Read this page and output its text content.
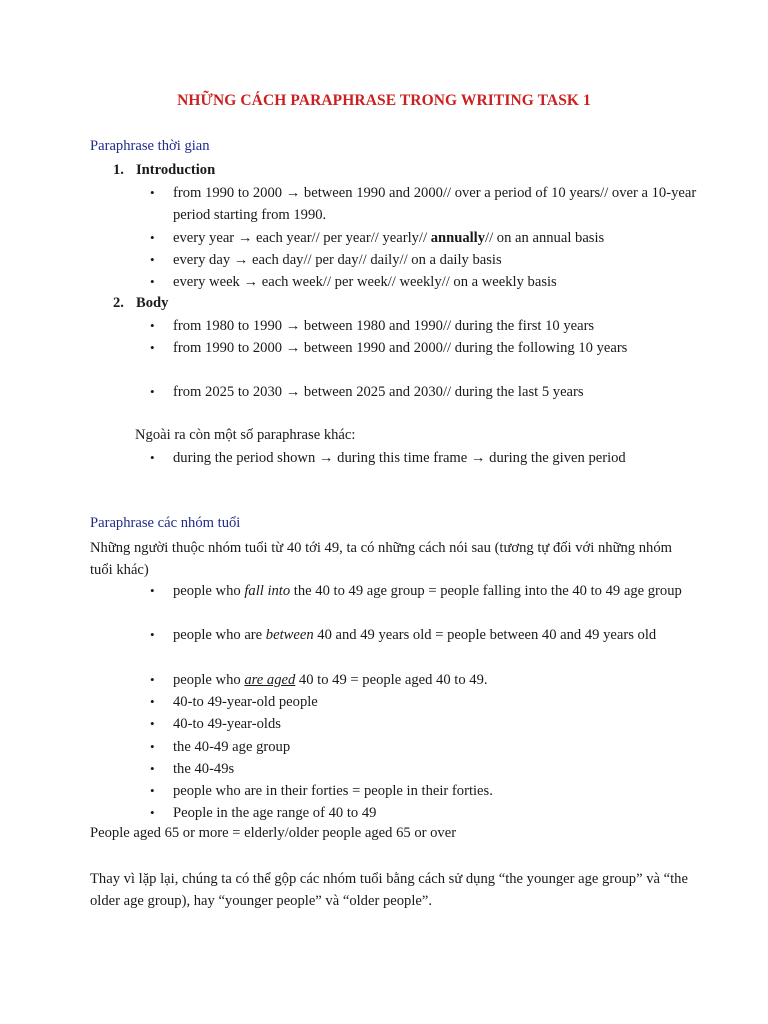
NHỮNG CÁCH PARAPHRASE TRONG WRITING TASK 1
Paraphrase thời gian
1. Introduction
• from 1990 to 2000 → between 1990 and 2000// over a period of 10 years// over a 10-year period starting from 1990.
• every year → each year// per year// yearly// annually// on an annual basis
• every day → each day// per day// daily// on a daily basis
• every week → each week// per week// weekly// on a weekly basis
2. Body
• from 1980 to 1990 → between 1980 and 1990// during the first 10 years
• from 1990 to 2000 → between 1990 and 2000// during the following 10 years
• from 2025 to 2030 → between 2025 and 2030// during the last 5 years
Ngoài ra còn một số paraphrase khác:
• during the period shown → during this time frame → during the given period
Paraphrase các nhóm tuổi
Những người thuộc nhóm tuổi từ 40 tới 49, ta có những cách nói sau (tương tự đối với những nhóm tuổi khác)
• people who fall into the 40 to 49 age group = people falling into the 40 to 49 age group
• people who are between 40 and 49 years old = people between 40 and 49 years old
• people who are aged 40 to 49 = people aged 40 to 49.
• 40-to 49-year-old people
• 40-to 49-year-olds
• the 40-49 age group
• the 40-49s
• people who are in their forties = people in their forties.
• People in the age range of 40 to 49
People aged 65 or more = elderly/older people aged 65 or over
Thay vì lặp lại, chúng ta có thể gộp các nhóm tuổi bằng cách sử dụng “the younger age group” và “the older age group), hay “younger people” và “older people”.
